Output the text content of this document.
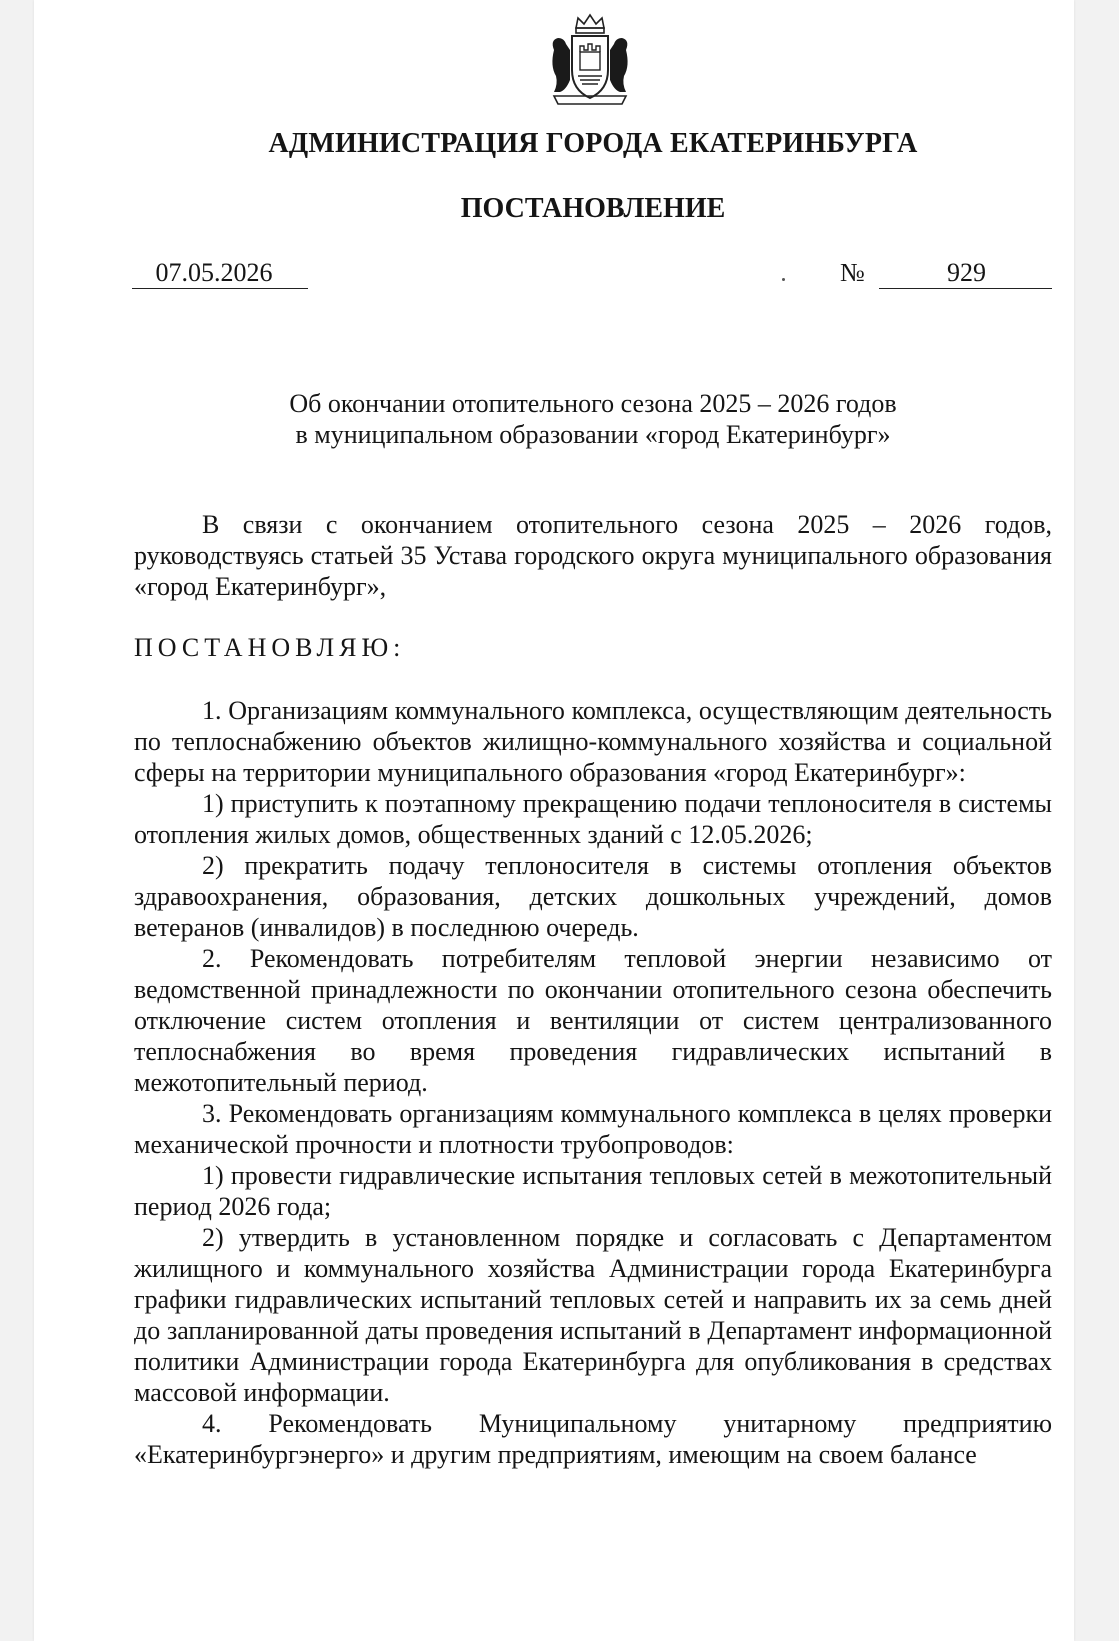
АДМИНИСТРАЦИЯ ГОРОДА ЕКАТЕРИНБУРГА
ПОСТАНОВЛЕНИЕ
07.05.2026	№	929
Об окончании отопительного сезона 2025 – 2026 годов
в муниципальном образовании «город Екатеринбург»

В связи с окончанием отопительного сезона 2025 – 2026 годов, руководствуясь статьей 35 Устава городского округа муниципального образования «город Екатеринбург»,

ПОСТАНОВЛЯЮ:

1. Организациям коммунального комплекса, осуществляющим деятельность по теплоснабжению объектов жилищно-коммунального хозяйства и социальной сферы на территории муниципального образования «город Екатеринбург»:

1) приступить к поэтапному прекращению подачи теплоносителя в системы отопления жилых домов, общественных зданий с 12.05.2026;

2) прекратить подачу теплоносителя в системы отопления объектов здравоохранения, образования, детских дошкольных учреждений, домов ветеранов (инвалидов) в последнюю очередь.

2. Рекомендовать потребителям тепловой энергии независимо от ведомственной принадлежности по окончании отопительного сезона обеспечить отключение систем отопления и вентиляции от систем централизованного теплоснабжения во время проведения гидравлических испытаний в межотопительный период.

3. Рекомендовать организациям коммунального комплекса в целях проверки механической прочности и плотности трубопроводов:

1) провести гидравлические испытания тепловых сетей в межотопительный период 2026 года;

2) утвердить в установленном порядке и согласовать с Департаментом жилищного и коммунального хозяйства Администрации города Екатеринбурга графики гидравлических испытаний тепловых сетей и направить их за семь дней до запланированной даты проведения испытаний в Департамент информационной политики Администрации города Екатеринбурга для опубликования в средствах массовой информации.

4. Рекомендовать Муниципальному унитарному предприятию «Екатеринбургэнерго» и другим предприятиям, имеющим на своем балансе
